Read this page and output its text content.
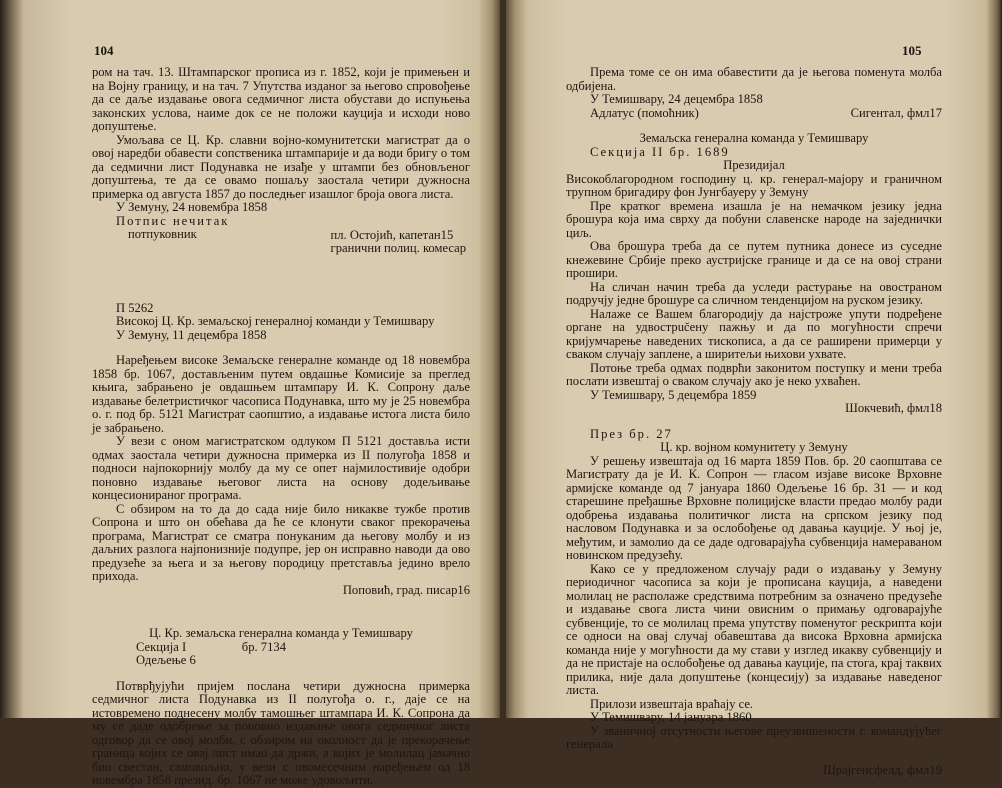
104

ром на тач. 13. Штампарског прописа из г. 1852, који је примењен и на Војну границу, и на тач. 7 Упутства изданог за његово спровођење да се даље издавање овога седмичног листа обустави до испуњења законских услова, наиме док се не положи кауција и исходи ново допуштење.

Умољава се Ц. Кр. славни војно-комунитетски магистрат да о овој наредби обавести сопственика штампарије и да води бригу о том да седмични лист Подунавка не изађе у штампи без обновљеног допуштења, те да се овамо пошаљу заостала четири дужносна примерка од августа 1857 до последњег изашлог броја овога листа.

У Земуну, 24 новембра 1858

Потпис нечитак
потпуковник	пл. Остојић, капетан15
гранични полиц. комесар

П 5262

Високој Ц. Кр. земаљској генералној команди у Темишвару

У Земуну, 11 децембра 1858

Наређењем високе Земаљске генералне команде од 18 новембра 1858 бр. 1067, достављеним путем овдашње Комисије за преглед књига, забрањено је овдашњем штампару И. К. Сопрону даље издавање белетристичког часописа Подунавка, што му је 25 новембра о. г. под бр. 5121 Магистрат саопштио, а издавање истога листа било је забрањено.

У вези с оном магистратском одлуком П 5121 достављa исти одмах заостала четири дужносна примерка из II полугођа 1858 и подноси најпокорнију молбу да му се опет најмилостивије одобри поновно издавање његовог листа на основу додељивање концесионираног програма.

С обзиром на то да до сада није било никакве тужбе против Сопрона и што он обећава да ће се клонути сваког прекорачења програма, Магистрат се сматра понуканим да његову молбу и из даљних разлога најпонизније подупре, јер он исправно наводи да ово предузеће за њега и за његову породицу претставља једино врело прихода.

Поповић, град. писар16

Ц. Кр. земаљска генерална команда у Темишвару

Секција I	бр. 7134

Одељење 6

Потврђујући пријем послана четири дужносна примерка седмичног листа Подунавка из II полугођа о. г., даје се на истовремено поднесену молбу тамошњег штампара И. К. Сопрона да му се даде одобрење за поновно издавање овога седмичног листа одговор да се овој молби, с обзиром на околност да је прекорачење граница којих се овај лист имао да држи, а којих је молилац јамачно био свестан, самовољно, у вези с овомесечним наређењем од 18 новембра 1858 презид. бр. 1067 не може удовољити.

105

Према томе се он има обавестити да је његова поменута молба одбијена.

У Темишвару, 24 децембра 1858

Адлатус (помоћник)	Сигентал, фмл17

Земаљска генерална команда у Темишвару

Секција II бр. 1689

Президијал

Високоблагородном господину ц. кр. генерал-мајору и граничном трупном бригадиру фон Јунгбауеру у Земуну

Пре кратког времена изашла је на немачком језику једна брошура која има сврху да побуни славенске народе на заједнички циљ.

Ова брошура треба да се путем путника донесе из суседне кнежевине Србије преко аустријске границе и да се на овој страни прошири.

На сличан начин треба да уследи растурање на овостраном подручју једне брошуре са сличном тенденцијом на руском језику.

Налаже се Вашем благородију да најстроже упути подређене органе на удвострučену пажњу и да по могућности спречи кријумчарење наведених тискописа, а да се раширени примерци у сваком случају заплене, а ширитељи њихови ухвате.

Потоње треба одмах подврћи законитом поступку и мени треба послати извештај о сваком случају ако је неко ухваћен.

У Темишвару, 5 децембра 1859

Шокчевић, фмл18

През бр. 27

Ц. кр. војном комунитету у Земуну

У решењу извештаја од 16 марта 1859 Пов. бр. 20 саопштава се Магистрату да је И. К. Сопрон — гласом изјаве високе Врховне армијске команде од 7 јануара 1860 Одељење 16 бр. 31 — и код старешине пређашње Врховне полицијске власти предао молбу ради одобрења издавања политичког листа на српском језику под насловом Подунавка и за ослобођење од давања кауције. У њој је, међутим, и замолио да се даде одговарајућа субвенција намераваном новинском предузећу.

Како се у предложеном случају ради о издавању у Земуну периодичног часописа за који је прописана кауција, а наведени молилац не располаже средствима потребним за означено предузеће и издавање свога листа чини овисним о примању одговарајуће субвенције, то се молилац према упутству поменутог рескрипта који се односи на овај случај обавештава да висока Врховна армијска команда није у могућности да му стави у изглед икакву субвенцију и да не пристаје на ослобођење од давања кауције, па стога, крај таквих прилика, није дала допуштење (концесију) за издавање наведеног листа.

Прилози извештаја враћају се.

У Темишвару, 14 јануара 1860

У званичној отсутности његове преузвишености г. командујућег генерала

Шрајгенсфелд, фмл19
